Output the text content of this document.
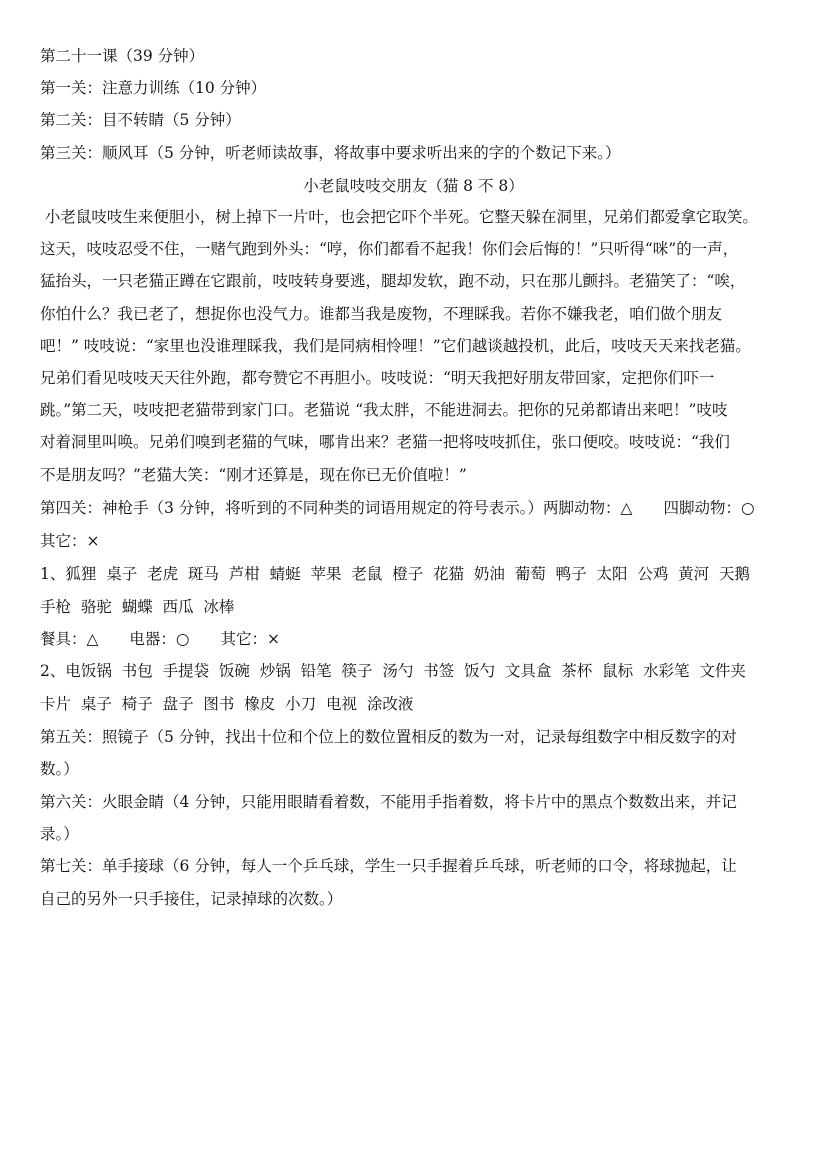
第二十一课（39 分钟）
第一关：注意力训练（10 分钟）
第二关：目不转睛（5 分钟）
第三关：顺风耳（5 分钟，听老师读故事，将故事中要求听出来的字的个数记下来。）
小老鼠吱吱交朋友（猫 8 不 8）
小老鼠吱吱生来便胆小，树上掉下一片叶，也会把它吓个半死。它整天躲在洞里，兄弟们都爱拿它取笑。
这天，吱吱忍受不住，一赌气跑到外头：“哼，你们都看不起我！你们会后悔的！”只听得“咪”的一声，
猛抬头，一只老猫正蹲在它跟前，吱吱转身要逃，腿却发软，跑不动，只在那儿颤抖。老猫笑了：“唉，
你怕什么？我已老了，想捉你也没气力。谁都当我是废物，不理睬我。若你不嫌我老，咱们做个朋友
吧！” 吱吱说：“家里也没谁理睬我，我们是同病相怜哩！”它们越谈越投机，此后，吱吱天天来找老猫。
兄弟们看见吱吱天天往外跑，都夸赞它不再胆小。吱吱说：“明天我把好朋友带回家，定把你们吓一
跳。”第二天，吱吱把老猫带到家门口。老猫说 “我太胖，不能进洞去。把你的兄弟都请出来吧！”吱吱
对着洞里叫唤。兄弟们嗅到老猫的气味，哪肯出来？老猫一把将吱吱抓住，张口便咬。吱吱说：“我们
不是朋友吗？”老猫大笑：“刚才还算是，现在你已无价值啦！”
第四关：神枪手（3 分钟，将听到的不同种类的词语用规定的符号表示。）两脚动物：△　　四脚动物：○
其它：×
1、狐狸  桌子  老虎  斑马  芦柑  蜻蜓  苹果  老鼠  橙子  花猫  奶油  葡萄  鸭子  太阳  公鸡  黄河  天鹅
手枪  骆驼  蝴蝶  西瓜  冰棒
餐具：△　　电器：○　　其它：×
2、电饭锅  书包  手提袋  饭碗  炒锅  铅笔  筷子  汤勺  书签  饭勺  文具盒  茶杯  鼠标  水彩笔  文件夹
卡片  桌子  椅子  盘子  图书  橡皮  小刀  电视  涂改液
第五关：照镜子（5 分钟，找出十位和个位上的数位置相反的数为一对，记录每组数字中相反数字的对
数。）
第六关：火眼金睛（4 分钟，只能用眼睛看着数，不能用手指着数，将卡片中的黑点个数数出来，并记
录。）
第七关：单手接球（6 分钟，每人一个乒乓球，学生一只手握着乒乓球，听老师的口令，将球抛起，让
自己的另外一只手接住，记录掉球的次数。）
